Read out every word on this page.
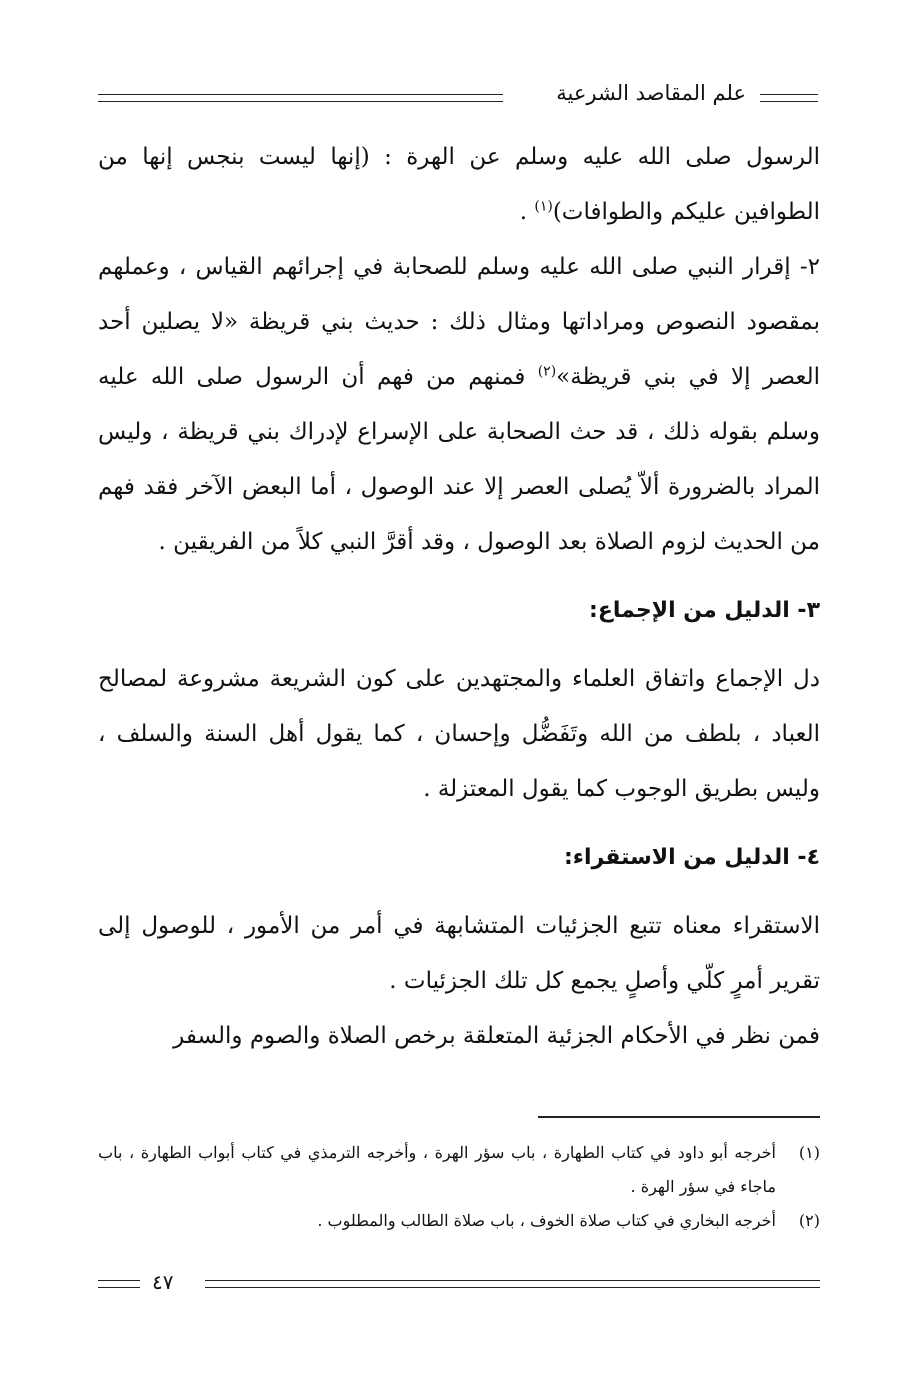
علم المقاصد الشرعية

الرسول صلى الله عليه وسلم عن الهرة : (إنها ليست بنجس إنها من الطوافين عليكم والطوافات)$^{(١)}$ .

٢- إقرار النبي صلى الله عليه وسلم للصحابة في إجرائهم القياس ، وعملهم بمقصود النصوص ومراداتها ومثال ذلك : حديث بني قريظة «لا يصلين أحد العصر إلا في بني قريظة»$^{(٢)}$ فمنهم من فهم أن الرسول صلى الله عليه وسلم بقوله ذلك ، قد حث الصحابة على الإسراع لإدراك بني قريظة ، وليس المراد بالضرورة ألاّ يُصلى العصر إلا عند الوصول ، أما البعض الآخر فقد فهم من الحديث لزوم الصلاة بعد الوصول ، وقد أقرَّ النبي كلاً من الفريقين .

٣- الدليل من الإجماع:

دل الإجماع واتفاق العلماء والمجتهدين على كون الشريعة مشروعة لمصالح العباد ، بلطف من الله وتَفَضُّل وإحسان ، كما يقول أهل السنة والسلف ، وليس بطريق الوجوب كما يقول المعتزلة .

٤- الدليل من الاستقراء:

الاستقراء معناه تتبع الجزئيات المتشابهة في أمر من الأمور ، للوصول إلى تقرير أمرٍ كلّي وأصلٍ يجمع كل تلك الجزئيات .

فمن نظر في الأحكام الجزئية المتعلقة برخص الصلاة والصوم والسفر

(١)
أخرجه أبو داود في كتاب الطهارة ، باب سؤر الهرة ، وأخرجه الترمذي في كتاب أبواب الطهارة ، باب ماجاء في سؤر الهرة .

(٢)
أخرجه البخاري في كتاب صلاة الخوف ، باب صلاة الطالب والمطلوب .

٤٧
